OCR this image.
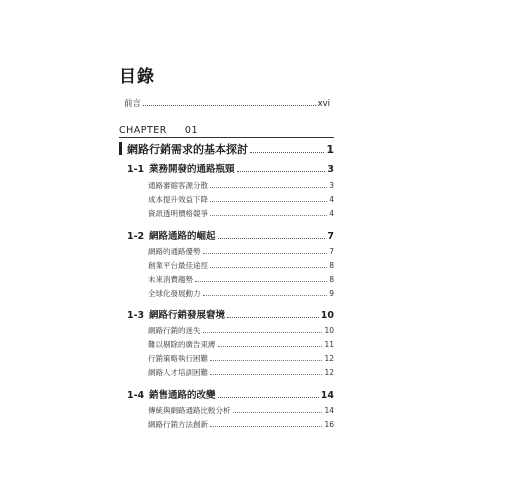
目錄
前言	xvi
CHAPTER 01
網路行銷需求的基本探討	1
1-1 業務開發的通路瓶頸	3
通路審縮客源分散	3
成本提升效益下降	4
資訊透明價格競爭	4
1-2 網路通路的崛起	7
網路的通路優勢	7
創業平台最佳途徑	8
未來消費趨勢	8
全球化發展動力	9
1-3 網路行銷發展窘境	10
網路行銷的迷失	10
難以剔除的廣告束縛	11
行銷策略執行困難	12
網路人才培訓困難	12
1-4 銷售通路的改變	14
傳統與網路通路比較分析	14
網路行銷方法創新	16
